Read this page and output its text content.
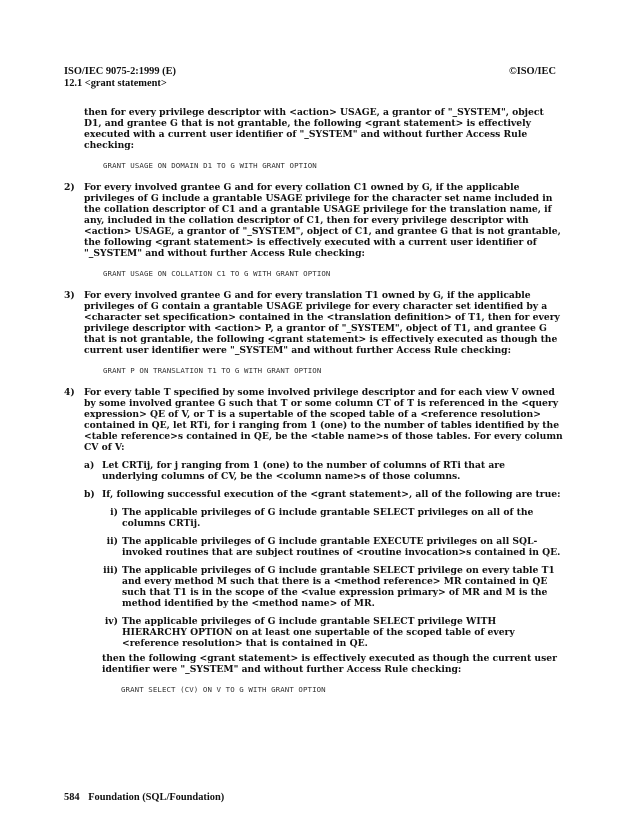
ISO/IEC 9075-2:1999 (E)	©ISO/IEC
12.1 <grant statement>

then for every privilege descriptor with <action> USAGE, a grantor of "_SYSTEM", object D1, and grantee G that is not grantable, the following <grant statement> is effectively executed with a current user identifier of "_SYSTEM" and without further Access Rule checking:

GRANT USAGE ON DOMAIN D1 TO G WITH GRANT OPTION
2) For every involved grantee G and for every collation C1 owned by G, if the applicable privileges of G include a grantable USAGE privilege for the character set name included in the collation descriptor of C1 and a grantable USAGE privilege for the translation name, if any, included in the collation descriptor of C1, then for every privilege descriptor with <action> USAGE, a grantor of "_SYSTEM", object of C1, and grantee G that is not grantable, the following <grant statement> is effectively executed with a current user identifier of "_SYSTEM" and without further Access Rule checking:

GRANT USAGE ON COLLATION C1 TO G WITH GRANT OPTION
3) For every involved grantee G and for every translation T1 owned by G, if the applicable privileges of G contain a grantable USAGE privilege for every character set identified by a <character set specification> contained in the <translation definition> of T1, then for every privilege descriptor with <action> P, a grantor of "_SYSTEM", object of T1, and grantee G that is not grantable, the following <grant statement> is effectively executed as though the current user identifier were "_SYSTEM" and without further Access Rule checking:

GRANT P ON TRANSLATION T1 TO G WITH GRANT OPTION
4) For every table T specified by some involved privilege descriptor and for each view V owned by some involved grantee G such that T or some column CT of T is referenced in the <query expression> QE of V, or T is a supertable of the scoped table of a <reference resolution> contained in QE, let RTi, for i ranging from 1 (one) to the number of tables identified by the <table reference>s contained in QE, be the <table name>s of those tables. For every column CV of V:

a) Let CRTij, for j ranging from 1 (one) to the number of columns of RTi that are underlying columns of CV, be the <column name>s of those columns.

b) If, following successful execution of the <grant statement>, all of the following are true:

i) The applicable privileges of G include grantable SELECT privileges on all of the columns CRTij.

ii) The applicable privileges of G include grantable EXECUTE privileges on all SQL-invoked routines that are subject routines of <routine invocation>s contained in QE.

iii) The applicable privileges of G include grantable SELECT privilege on every table T1 and every method M such that there is a <method reference> MR contained in QE such that T1 is in the scope of the <value expression primary> of MR and M is the method identified by the <method name> of MR.

iv) The applicable privileges of G include grantable SELECT privilege WITH HIERARCHY OPTION on at least one supertable of the scoped table of every <reference resolution> that is contained in QE.

then the following <grant statement> is effectively executed as though the current user identifier were "_SYSTEM" and without further Access Rule checking:

GRANT SELECT (CV) ON V TO G WITH GRANT OPTION
584 Foundation (SQL/Foundation)
